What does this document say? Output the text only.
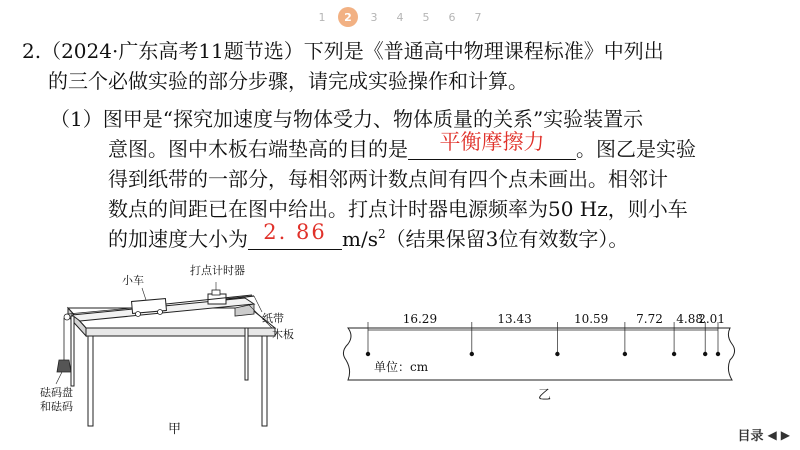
1	2	3	4	5	6	7
2.（2024·广东高考11题节选）下列是《普通高中物理课程标准》中列出
的三个必做实验的部分步骤，请完成实验操作和计算。
（1）图甲是“探究加速度与物体受力、物体质量的关系”实验装置示
意图。图中木板右端垫高的目的是	平衡摩擦力	。图乙是实验
得到纸带的一部分，每相邻两计数点间有四个点未画出。相邻计
数点的间距已在图中给出。打点计时器电源频率为50 Hz，则小车
的加速度大小为 2. 86 $m/s^2$（结果保留3位有效数字）。
小车
打点计时器
纸带
木板
砝码盘
和砝码
甲
16.29	13.43	10.59	7.72	4.88
2.01
单位：cm
乙
目录 ◀ ▶
